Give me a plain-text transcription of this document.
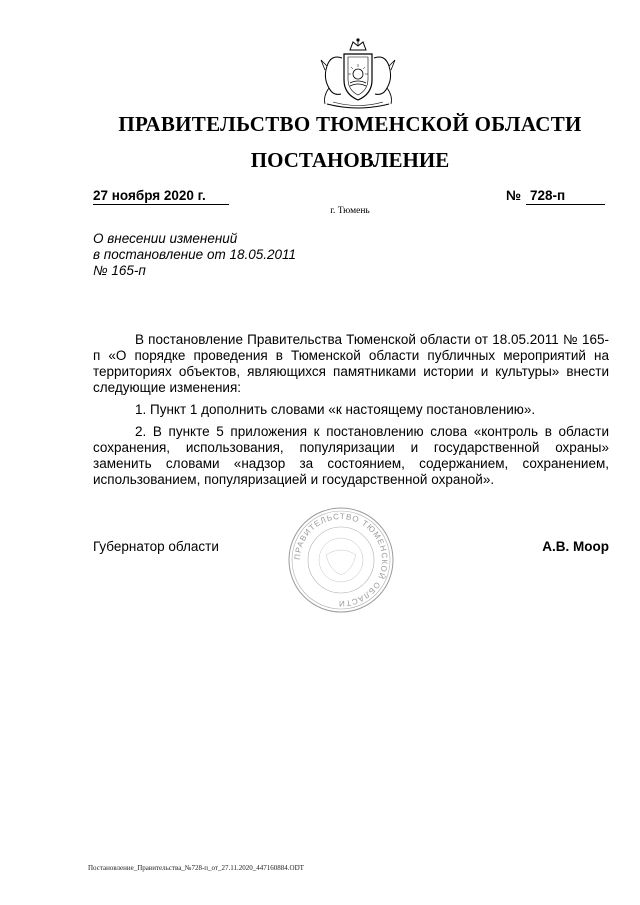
ПРАВИТЕЛЬСТВО ТЮМЕНСКОЙ ОБЛАСТИ
ПОСТАНОВЛЕНИЕ
27 ноября 2020 г.	№ 728-п
г. Тюмень
О внесении изменений
в постановление от 18.05.2011
№ 165-п

В постановление Правительства Тюменской области от 18.05.2011 № 165-п «О порядке проведения в Тюменской области публичных мероприятий на территориях объектов, являющихся памятниками истории и культуры» внести следующие изменения:

1. Пункт 1 дополнить словами «к настоящему постановлению».

2. В пункте 5 приложения к постановлению слова «контроль в области сохранения, использования, популяризации и государственной охраны» заменить словами «надзор за состоянием, содержанием, сохранением, использованием, популяризацией и государственной охраной».

ПРАВИТЕЛЬСТВО ТЮМЕНСКОЙ ОБЛАСТИ
Губернатор области	А.В. Моор
Постановление_Правительства_№728-п_от_27.11.2020_447160884.ODT
